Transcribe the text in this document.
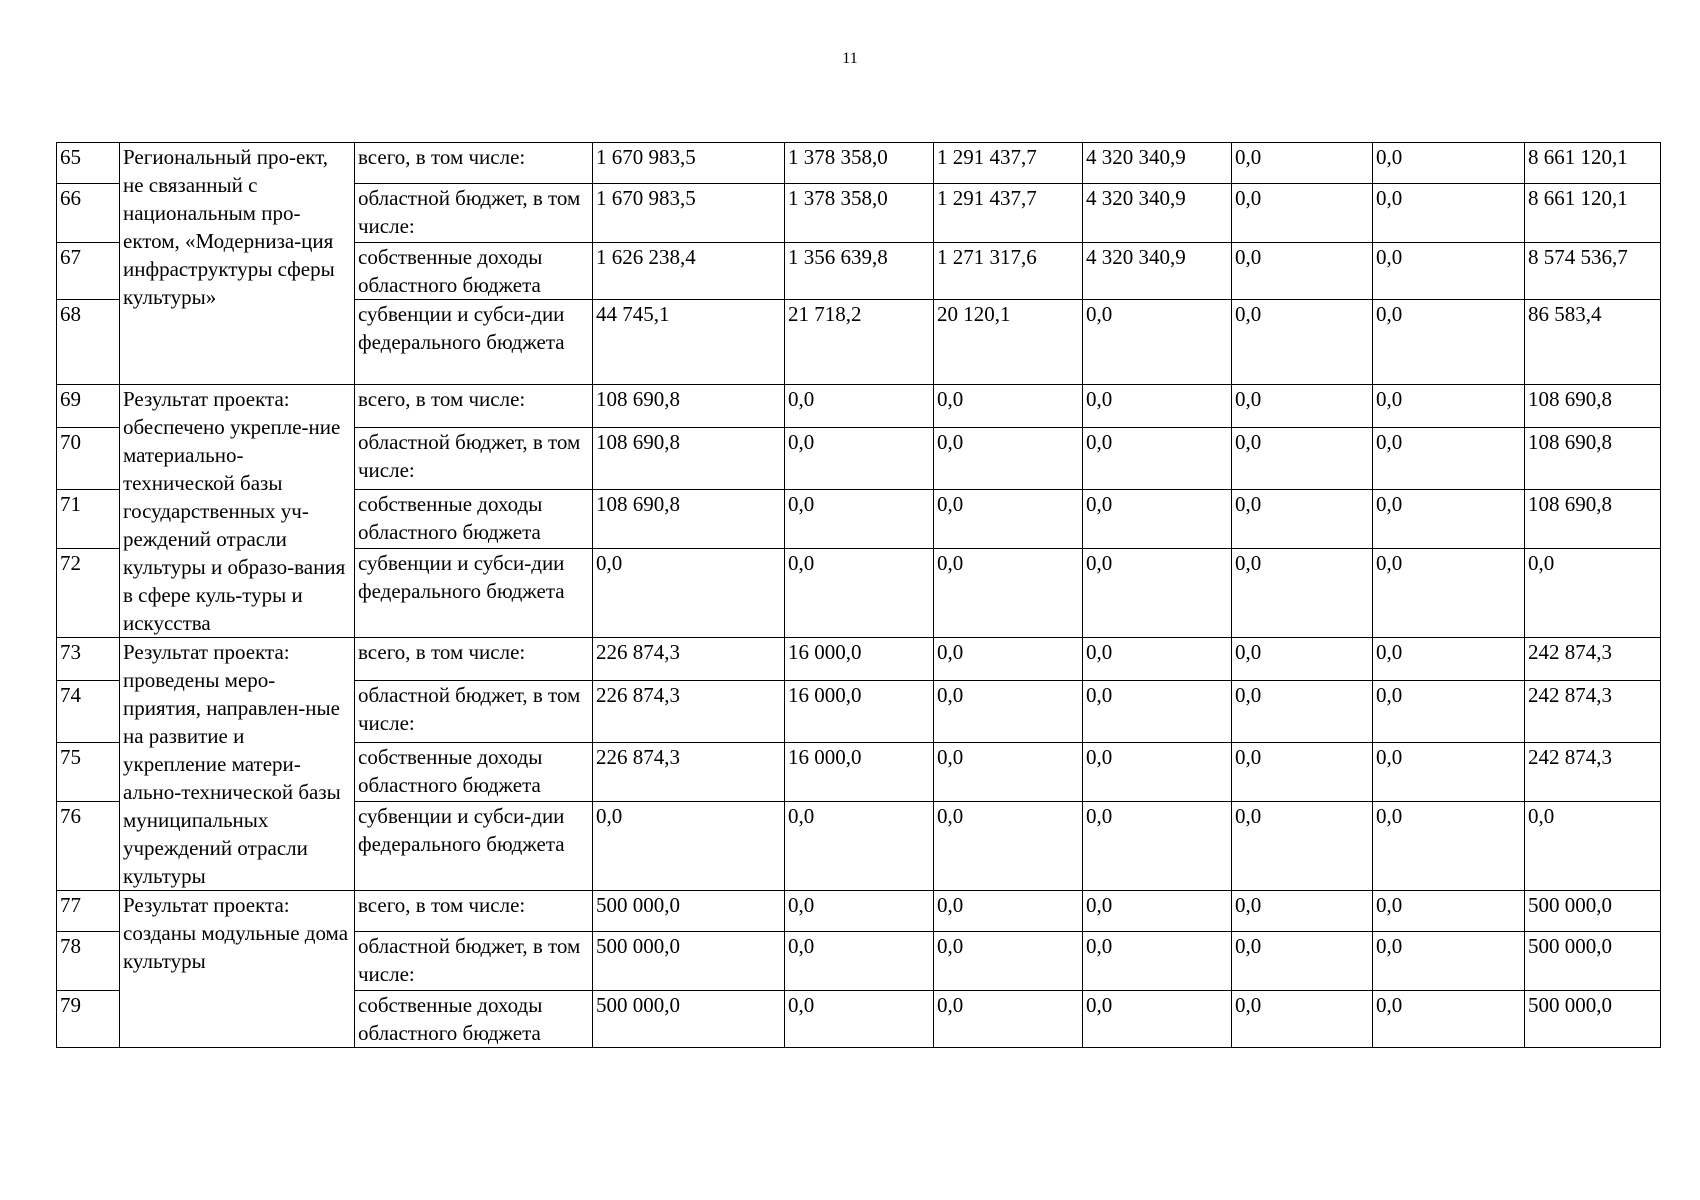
11
65	Региональный про-ект, не связанный с национальным про-ектом, «Модерниза-ция инфраструктуры сферы культуры»	всего, в том числе:	1 670 983,5	1 378 358,0	1 291 437,7	4 320 340,9	0,0	0,0	8 661 120,1
66		областной бюджет, в том числе:	1 670 983,5	1 378 358,0	1 291 437,7	4 320 340,9	0,0	0,0	8 661 120,1
67		собственные доходы областного бюджета	1 626 238,4	1 356 639,8	1 271 317,6	4 320 340,9	0,0	0,0	8 574 536,7
68		субвенции и субси-дии федерального бюджета	44 745,1	21 718,2	20 120,1	0,0	0,0	0,0	86 583,4
69	Результат проекта: обеспечено укрепле-ние материально-технической базы государственных уч-реждений отрасли культуры и образо-вания в сфере куль-туры и искусства	всего, в том числе:	108 690,8	0,0	0,0	0,0	0,0	0,0	108 690,8
70		областной бюджет, в том числе:	108 690,8	0,0	0,0	0,0	0,0	0,0	108 690,8
71		собственные доходы областного бюджета	108 690,8	0,0	0,0	0,0	0,0	0,0	108 690,8
72		субвенции и субси-дии федерального бюджета	0,0	0,0	0,0	0,0	0,0	0,0	0,0
73	Результат проекта: проведены меро-приятия, направлен-ные на развитие и укрепление матери-ально-технической базы муниципальных учреждений отрасли культуры	всего, в том числе:	226 874,3	16 000,0	0,0	0,0	0,0	0,0	242 874,3
74		областной бюджет, в том числе:	226 874,3	16 000,0	0,0	0,0	0,0	0,0	242 874,3
75		собственные доходы областного бюджета	226 874,3	16 000,0	0,0	0,0	0,0	0,0	242 874,3
76		субвенции и субси-дии федерального бюджета	0,0	0,0	0,0	0,0	0,0	0,0	0,0
77	Результат проекта: созданы модульные дома культуры	всего, в том числе:	500 000,0	0,0	0,0	0,0	0,0	0,0	500 000,0
78		областной бюджет, в том числе:	500 000,0	0,0	0,0	0,0	0,0	0,0	500 000,0
79		собственные доходы областного бюджета	500 000,0	0,0	0,0	0,0	0,0	0,0	500 000,0
